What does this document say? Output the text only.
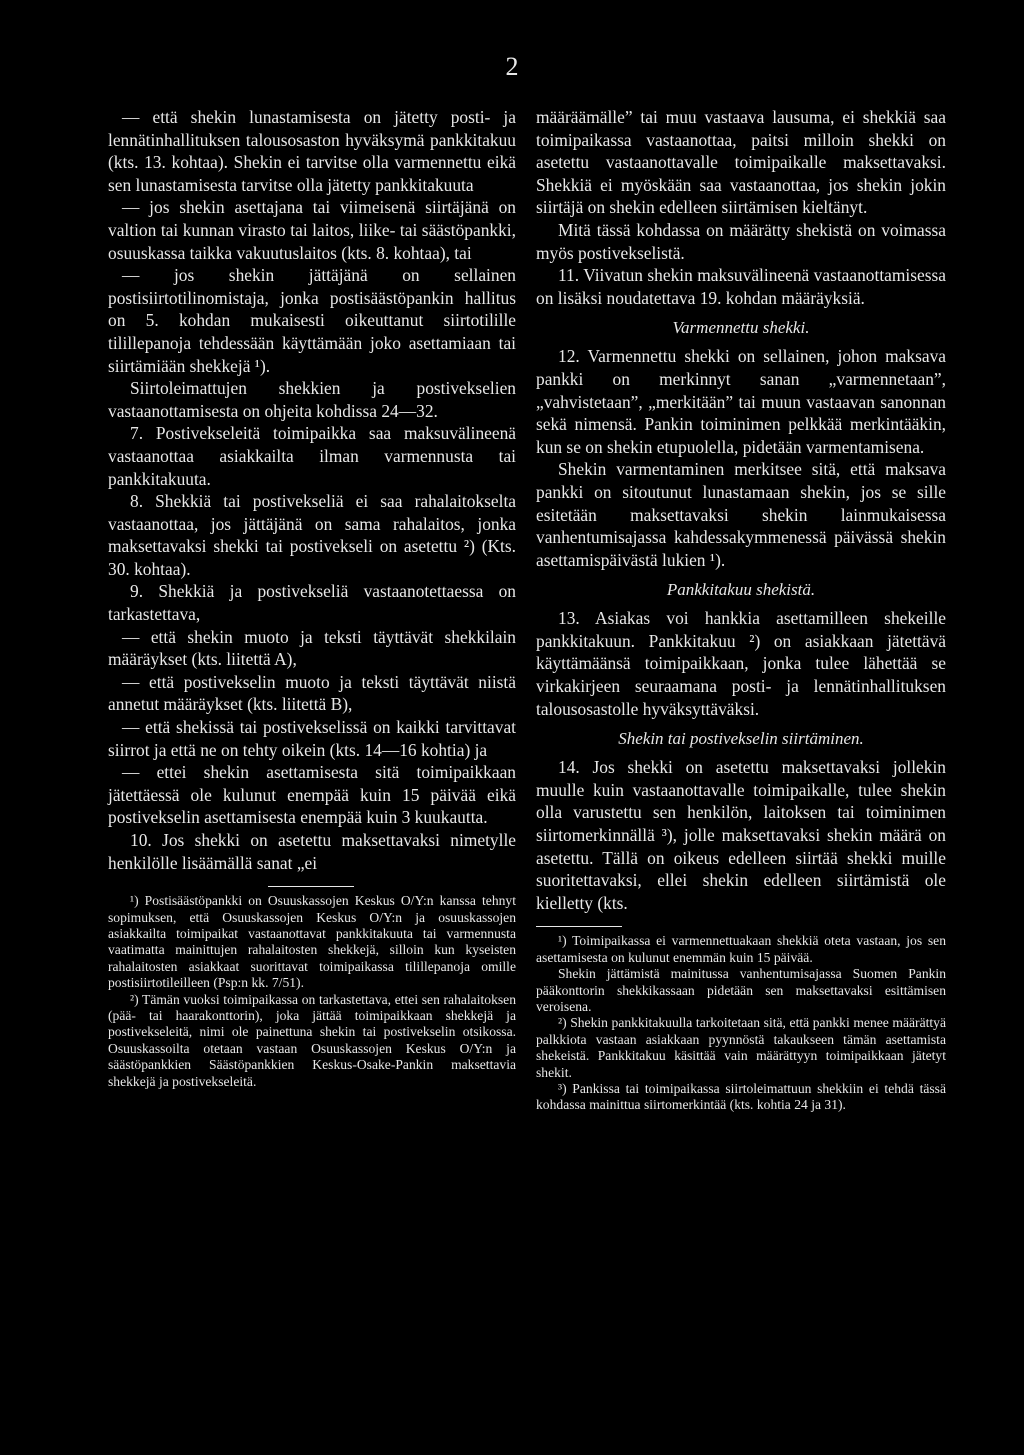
2

— että shekin lunastamisesta on jätetty posti- ja lennätinhallituksen talousosaston hyväksymä pankkitakuu (kts. 13. kohtaa). Shekin ei tarvitse olla varmennettu eikä sen lunastamisesta tarvitse olla jätetty pankkitakuuta

— jos shekin asettajana tai viimeisenä siirtäjänä on valtion tai kunnan virasto tai laitos, liike- tai säästöpankki, osuuskassa taikka vakuutuslaitos (kts. 8. kohtaa), tai

— jos shekin jättäjänä on sellainen postisiirtotilinomistaja, jonka postisäästöpankin hallitus on 5. kohdan mukaisesti oikeuttanut siirtotilille tilillepanoja tehdessään käyttämään joko asettamiaan tai siirtämiään shekkejä ¹).

Siirtoleimattujen shekkien ja postivekselien vastaanottamisesta on ohjeita kohdissa 24—32.

7. Postivekseleitä toimipaikka saa maksuvälineenä vastaanottaa asiakkailta ilman varmennusta tai pankkitakuuta.

8. Shekkiä tai postivekseliä ei saa rahalaitokselta vastaanottaa, jos jättäjänä on sama rahalaitos, jonka maksettavaksi shekki tai postivekseli on asetettu ²) (Kts. 30. kohtaa).

9. Shekkiä ja postivekseliä vastaanotettaessa on tarkastettava,

— että shekin muoto ja teksti täyttävät shekkilain määräykset (kts. liitettä A),

— että postivekselin muoto ja teksti täyttävät niistä annetut määräykset (kts. liitettä B),

— että shekissä tai postivekselissä on kaikki tarvittavat siirrot ja että ne on tehty oikein (kts. 14—16 kohtia) ja

— ettei shekin asettamisesta sitä toimipaikkaan jätettäessä ole kulunut enempää kuin 15 päivää eikä postivekselin asettamisesta enempää kuin 3 kuukautta.

10. Jos shekki on asetettu maksettavaksi nimetylle henkilölle lisäämällä sanat „ei

¹) Postisäästöpankki on Osuuskassojen Keskus O/Y:n kanssa tehnyt sopimuksen, että Osuuskassojen Keskus O/Y:n ja osuuskassojen asiakkailta toimipaikat vastaanottavat pankkitakuuta tai varmennusta vaatimatta mainittujen rahalaitosten shekkejä, silloin kun kyseisten rahalaitosten asiakkaat suorittavat toimipaikassa tilillepanoja omille postisiirtotileilleen (Psp:n kk. 7/51).

²) Tämän vuoksi toimipaikassa on tarkastettava, ettei sen rahalaitoksen (pää- tai haarakonttorin), joka jättää toimipaikkaan shekkejä ja postivekseleitä, nimi ole painettuna shekin tai postivekselin otsikossa. Osuuskassoilta otetaan vastaan Osuuskassojen Keskus O/Y:n ja säästöpankkien Säästöpankkien Keskus-Osake-Pankin maksettavia shekkejä ja postivekseleitä.

määräämälle” tai muu vastaava lausuma, ei shekkiä saa toimipaikassa vastaanottaa, paitsi milloin shekki on asetettu vastaanottavalle toimipaikalle maksettavaksi. Shekkiä ei myöskään saa vastaanottaa, jos shekin jokin siirtäjä on shekin edelleen siirtämisen kieltänyt.

Mitä tässä kohdassa on määrätty shekistä on voimassa myös postivekselistä.

11. Viivatun shekin maksuvälineenä vastaanottamisessa on lisäksi noudatettava 19. kohdan määräyksiä.

Varmennettu shekki.

12. Varmennettu shekki on sellainen, johon maksava pankki on merkinnyt sanan „varmennetaan”, „vahvistetaan”, „merkitään” tai muun vastaavan sanonnan sekä nimensä. Pankin toiminimen pelkkää merkintääkin, kun se on shekin etupuolella, pidetään varmentamisena.

Shekin varmentaminen merkitsee sitä, että maksava pankki on sitoutunut lunastamaan shekin, jos se sille esitetään maksettavaksi shekin lainmukaisessa vanhentumisajassa kahdessakymmenessä päivässä shekin asettamispäivästä lukien ¹).

Pankkitakuu shekistä.

13. Asiakas voi hankkia asettamilleen shekeille pankkitakuun. Pankkitakuu ²) on asiakkaan jätettävä käyttämäänsä toimipaikkaan, jonka tulee lähettää se virkakirjeen seuraamana posti- ja lennätinhallituksen talousosastolle hyväksyttäväksi.

Shekin tai postivekselin siirtäminen.

14. Jos shekki on asetettu maksettavaksi jollekin muulle kuin vastaanottavalle toimipaikalle, tulee shekin olla varustettu sen henkilön, laitoksen tai toiminimen siirtomerkinnällä ³), jolle maksettavaksi shekin määrä on asetettu. Tällä on oikeus edelleen siirtää shekki muille suoritettavaksi, ellei shekin edelleen siirtämistä ole kielletty (kts.

¹) Toimipaikassa ei varmennettuakaan shekkiä oteta vastaan, jos sen asettamisesta on kulunut enemmän kuin 15 päivää.

Shekin jättämistä mainitussa vanhentumisajassa Suomen Pankin pääkonttorin shekkikassaan pidetään sen maksettavaksi esittämisen veroisena.

²) Shekin pankkitakuulla tarkoitetaan sitä, että pankki menee määrättyä palkkiota vastaan asiakkaan pyynnöstä takaukseen tämän asettamista shekeistä. Pankkitakuu käsittää vain määrättyyn toimipaikkaan jätetyt shekit.

³) Pankissa tai toimipaikassa siirtoleimattuun shekkiin ei tehdä tässä kohdassa mainittua siirtomerkintää (kts. kohtia 24 ja 31).
